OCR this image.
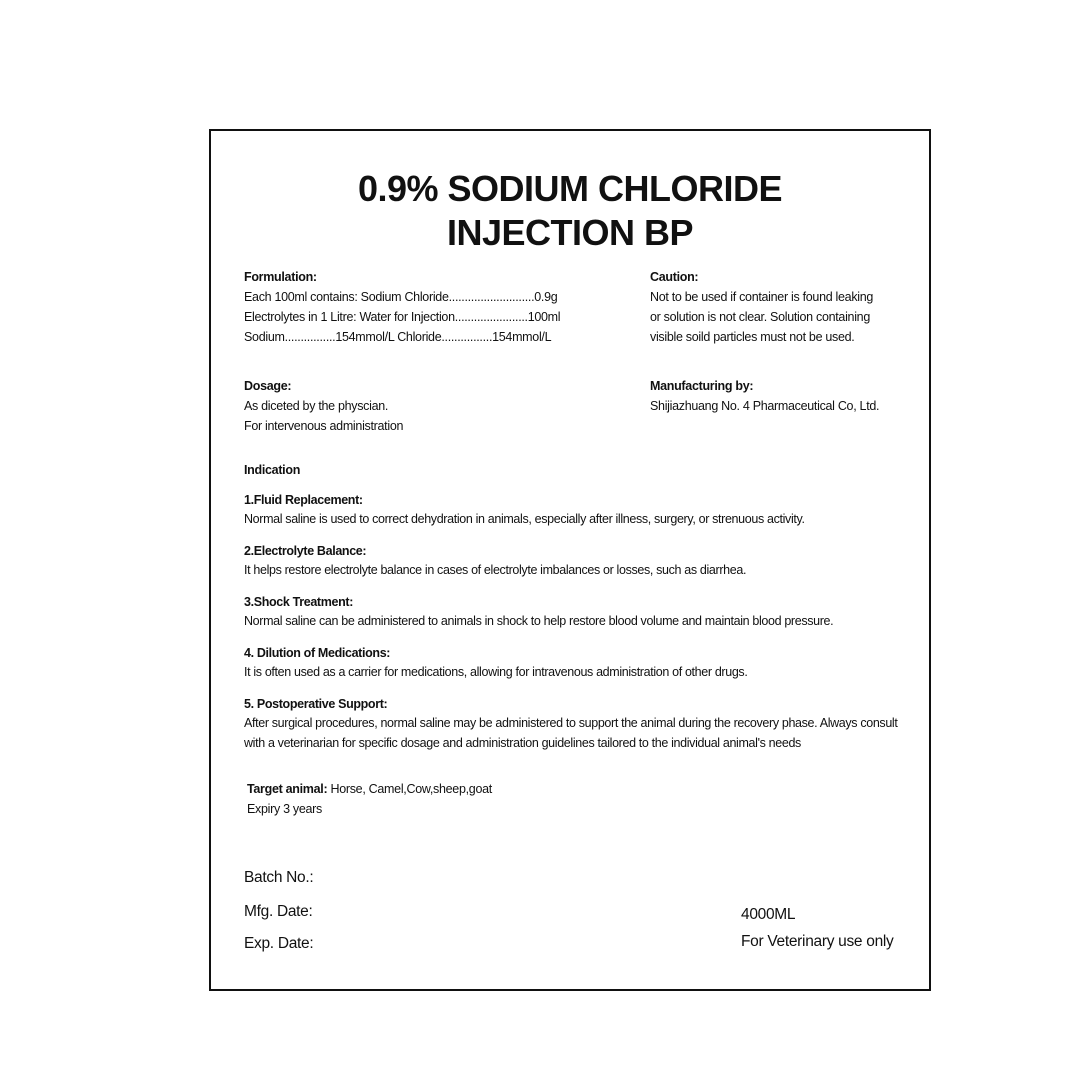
0.9% SODIUM CHLORIDE
INJECTION BP
Formulation:
Each 100ml contains: Sodium Chloride...........................0.9g
Electrolytes in 1 Litre: Water for Injection.......................100ml
Sodium................154mmol/L Chloride................154mmol/L
Caution:
Not to be used if container is found leaking
or solution is not clear. Solution containing
visible soild particles must not be used.
Dosage:
As diceted by the physcian.
For intervenous administration
Manufacturing by:
Shijiazhuang No. 4 Pharmaceutical Co, Ltd.
Indication
1.Fluid Replacement:
Normal saline is used to correct dehydration in animals, especially after illness, surgery, or strenuous activity.
2.Electrolyte Balance:
It helps restore electrolyte balance in cases of electrolyte imbalances or losses, such as diarrhea.
3.Shock Treatment:
Normal saline can be administered to animals in shock to help restore blood volume and maintain blood pressure.
4. Dilution of Medications:
It is often used as a carrier for medications, allowing for intravenous administration of other drugs.
5. Postoperative Support:
After surgical procedures, normal saline may be administered to support the animal during the recovery phase. Always consult with a veterinarian for specific dosage and administration guidelines tailored to the individual animal's needs
Target animal: Horse, Camel,Cow,sheep,goat
Expiry 3 years
Batch No.:
Mfg. Date:
Exp. Date:
4000ML
For Veterinary use only
